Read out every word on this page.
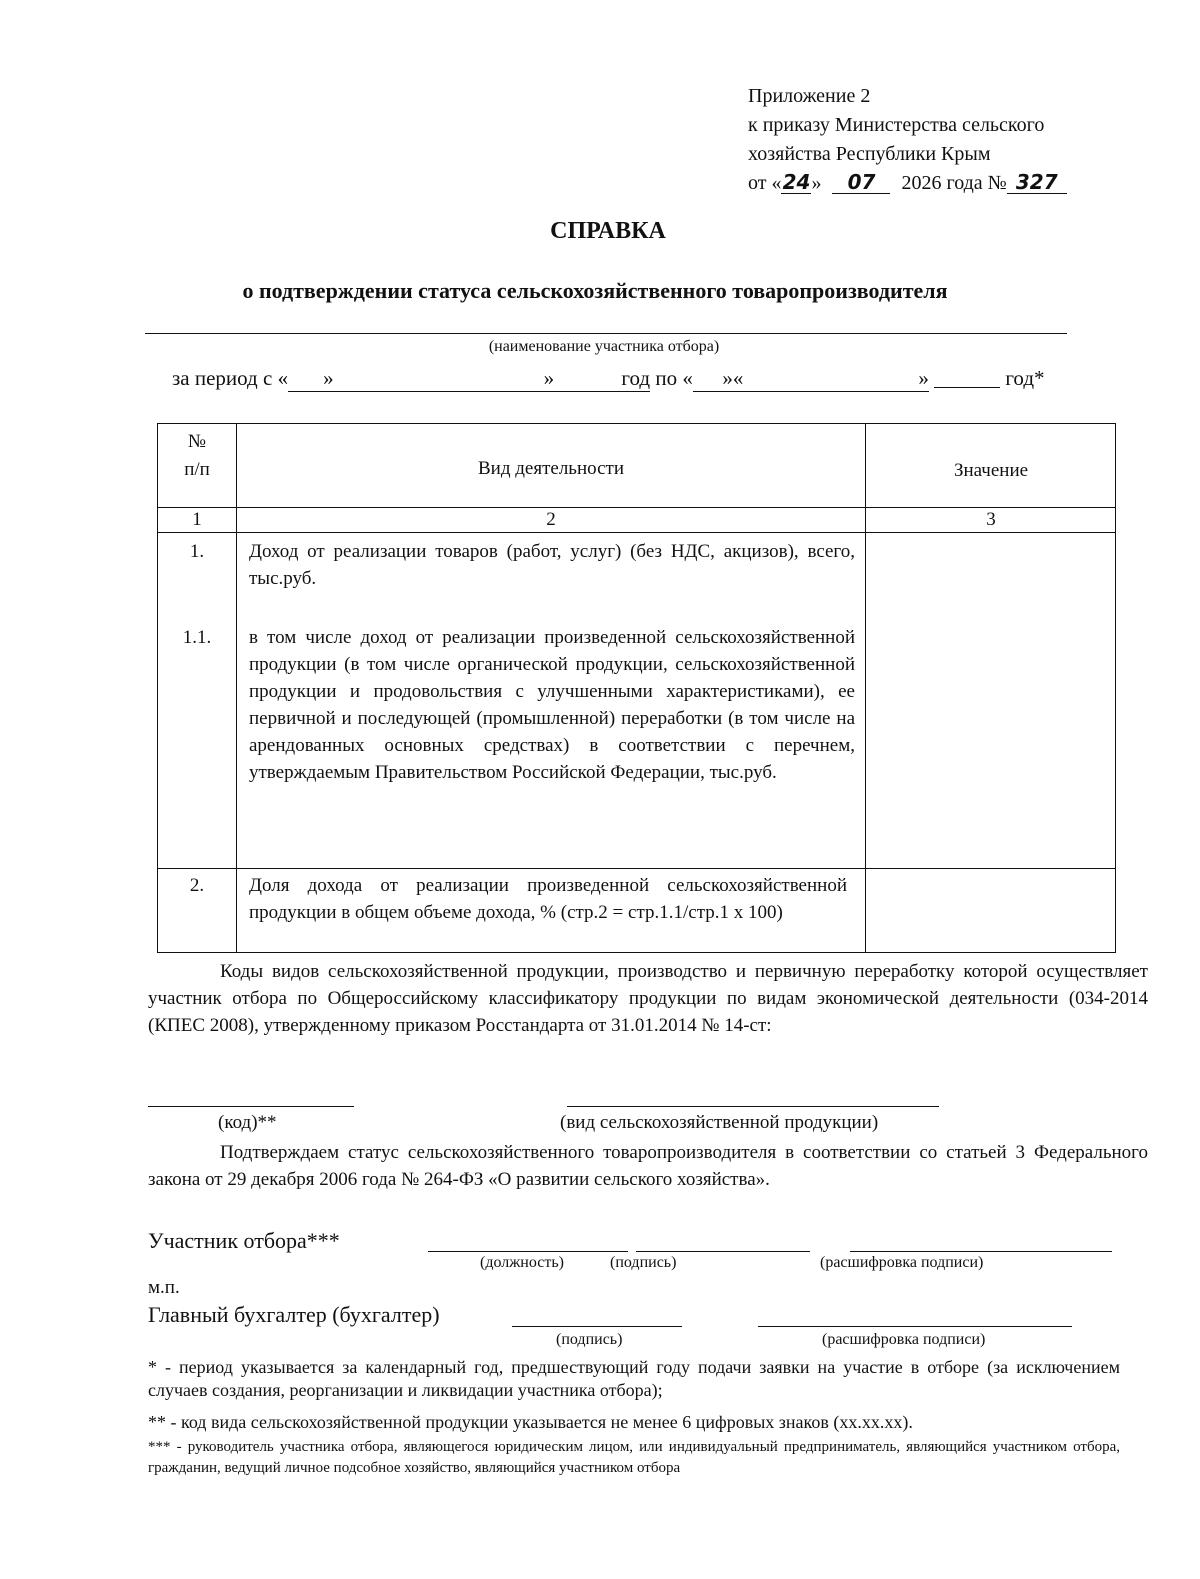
Приложение 2
к приказу Министерства сельского
хозяйства Республики Крым
от «24» 07 2026 года № 327
СПРАВКА
о подтверждении статуса сельскохозяйственного товаропроизводителя
(наименование участника отбора)
за период с « »	»	год по « »«	»	год*
№
п/п	Вид деятельности	Значение
1	2	3
1.	Доход от реализации товаров (работ, услуг) (без НДС, акцизов), всего, тыс.руб.
1.1.	в том числе доход от реализации произведенной сельскохозяйственной продукции (в том числе органической продукции, сельскохозяйственной продукции и продовольствия с улучшенными характеристиками), ее первичной и последующей (промышленной) переработки (в том числе на арендованных основных средствах) в соответствии с перечнем, утверждаемым Правительством Российской Федерации, тыс.руб.
2.	Доля дохода от реализации произведенной сельскохозяйственной продукции в общем объеме дохода, % (стр.2 = стр.1.1/стр.1 х 100)
Коды видов сельскохозяйственной продукции, производство и первичную переработку которой осуществляет участник отбора по Общероссийскому классификатору продукции по видам экономической деятельности (034-2014 (КПЕС 2008), утвержденному приказом Росстандарта от 31.01.2014 № 14-ст:
(код)**	(вид сельскохозяйственной продукции)
Подтверждаем статус сельскохозяйственного товаропроизводителя в соответствии со статьей 3 Федерального закона от 29 декабря 2006 года № 264-ФЗ «О развитии сельского хозяйства».
Участник отбора***
(должность)	(подпись)	(расшифровка подписи)
м.п.
Главный бухгалтер (бухгалтер)
(подпись)	(расшифровка подписи)
* - период указывается за календарный год, предшествующий году подачи заявки на участие в отборе (за исключением случаев создания, реорганизации и ликвидации участника отбора);
** - код вида сельскохозяйственной продукции указывается не менее 6 цифровых знаков (хх.хх.хх).
*** - руководитель участника отбора, являющегося юридическим лицом, или индивидуальный предприниматель, являющийся участником отбора, гражданин, ведущий личное подсобное хозяйство, являющийся участником отбора
